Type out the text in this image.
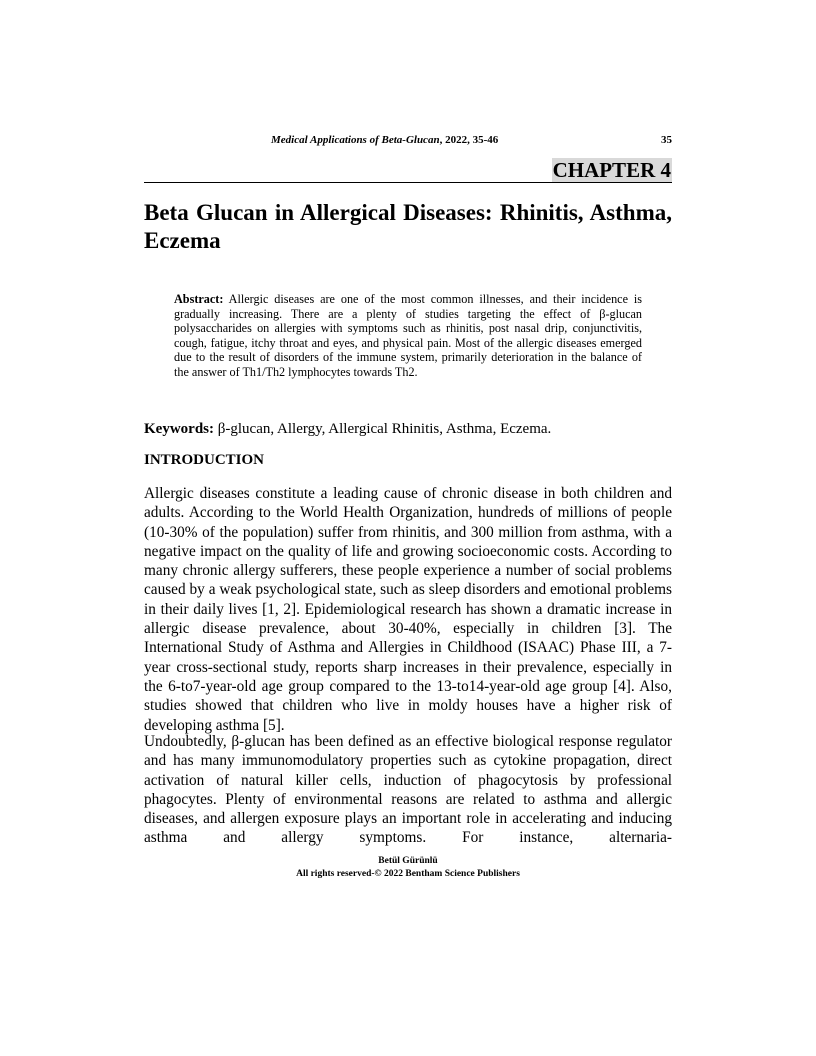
Medical Applications of Beta-Glucan, 2022, 35-46	35
CHAPTER 4
Beta Glucan in Allergical Diseases: Rhinitis, Asthma, Eczema

Abstract: Allergic diseases are one of the most common illnesses, and their incidence is gradually increasing. There are a plenty of studies targeting the effect of β-glucan polysaccharides on allergies with symptoms such as rhinitis, post nasal drip, conjunctivitis, cough, fatigue, itchy throat and eyes, and physical pain. Most of the allergic diseases emerged due to the result of disorders of the immune system, primarily deterioration in the balance of the answer of Th1/Th2 lymphocytes towards Th2.

Keywords: β-glucan, Allergy, Allergical Rhinitis, Asthma, Eczema.

INTRODUCTION

Allergic diseases constitute a leading cause of chronic disease in both children and adults. According to the World Health Organization, hundreds of millions of people (10-30% of the population) suffer from rhinitis, and 300 million from asthma, with a negative impact on the quality of life and growing socioeconomic costs. According to many chronic allergy sufferers, these people experience a number of social problems caused by a weak psychological state, such as sleep disorders and emotional problems in their daily lives [1, 2]. Epidemiological research has shown a dramatic increase in allergic disease prevalence, about 30-40%, especially in children [3]. The International Study of Asthma and Allergies in Childhood (ISAAC) Phase III, a 7-year cross-sectional study, reports sharp increases in their prevalence, especially in the 6-to7-year-old age group compared to the 13-to14-year-old age group [4]. Also, studies showed that children who live in moldy houses have a higher risk of developing asthma [5].

Undoubtedly, β-glucan has been defined as an effective biological response regulator and has many immunomodulatory properties such as cytokine propagation, direct activation of natural killer cells, induction of phagocytosis by professional phagocytes. Plenty of environmental reasons are related to asthma and allergic diseases, and allergen exposure plays an important role in accelerating and inducing asthma and allergy symptoms. For instance, alternaria-

Betül Gürünlü
All rights reserved-© 2022 Bentham Science Publishers
